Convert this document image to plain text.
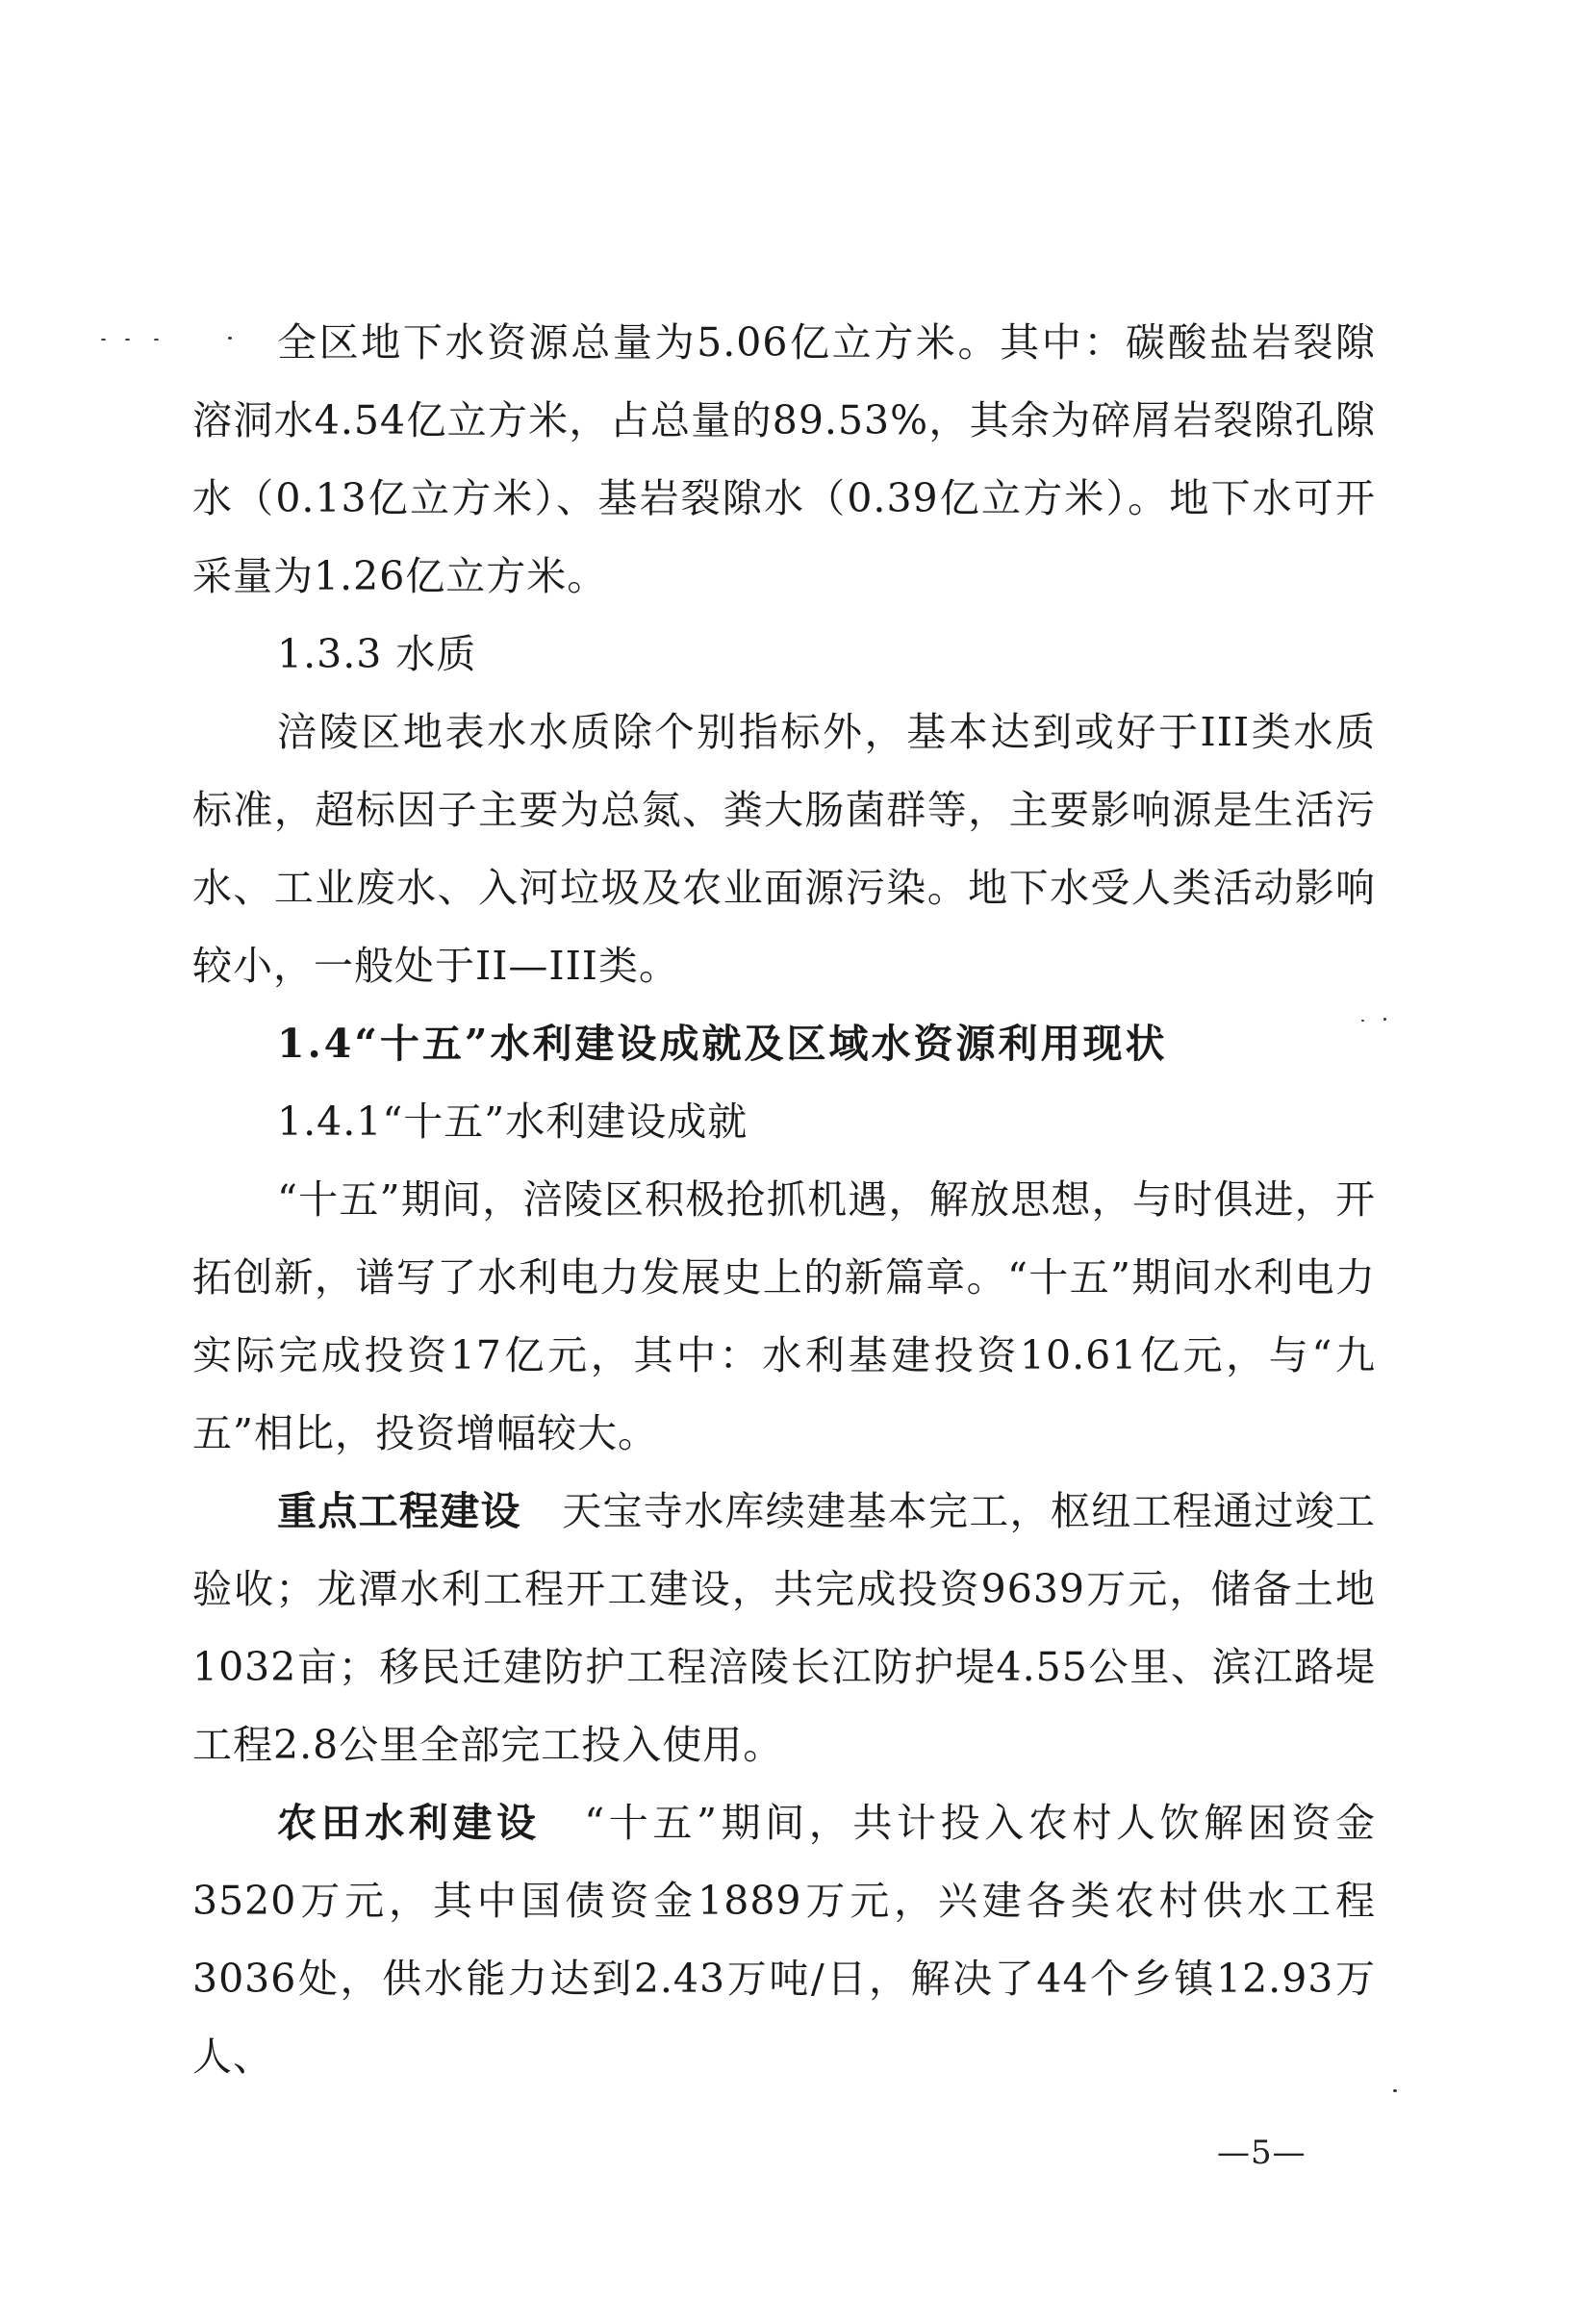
全区地下水资源总量为5.06亿立方米。其中：碳酸盐岩裂隙溶洞水4.54亿立方米，占总量的89.53%，其余为碎屑岩裂隙孔隙水（0.13亿立方米）、基岩裂隙水（0.39亿立方米）。地下水可开采量为1.26亿立方米。

1.3.3 水质

涪陵区地表水水质除个别指标外，基本达到或好于III类水质标准，超标因子主要为总氮、粪大肠菌群等，主要影响源是生活污水、工业废水、入河垃圾及农业面源污染。地下水受人类活动影响较小，一般处于II—III类。

1.4“十五”水利建设成就及区域水资源利用现状

1.4.1“十五”水利建设成就

“十五”期间，涪陵区积极抢抓机遇，解放思想，与时俱进，开拓创新，谱写了水利电力发展史上的新篇章。“十五”期间水利电力实际完成投资17亿元，其中：水利基建投资10.61亿元，与“九五”相比，投资增幅较大。

重点工程建设　 天宝寺水库续建基本完工，枢纽工程通过竣工验收；龙潭水利工程开工建设，共完成投资9639万元，储备土地1032亩；移民迁建防护工程涪陵长江防护堤4.55公里、滨江路堤工程2.8公里全部完工投入使用。

农田水利建设　 “十五”期间，共计投入农村人饮解困资金3520万元，其中国债资金1889万元，兴建各类农村供水工程3036处，供水能力达到2.43万吨/日，解决了44个乡镇12.93万人、

—5—
